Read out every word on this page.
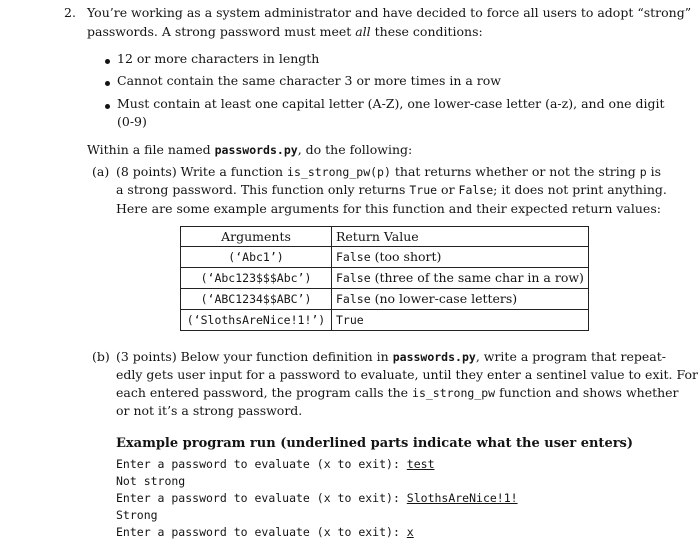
2. You’re working as a system administrator and have decided to force all users to adopt “strong”
passwords. A strong password must meet all these conditions:
12 or more characters in length
Cannot contain the same character 3 or more times in a row
Must contain at least one capital letter (A-Z), one lower-case letter (a-z), and one digit
(0-9)
Within a file named passwords.py, do the following:
(a) (8 points) Write a function is_strong_pw(p) that returns whether or not the string p is
a strong password. This function only returns True or False; it does not print anything.
Here are some example arguments for this function and their expected return values:
Arguments	Return Value
(‘Abc1’)	False (too short)
(‘Abc123$$$Abc’)	False (three of the same char in a row)
(‘ABC1234$$ABC’)	False (no lower-case letters)
(‘SlothsAreNice!1!’)	True
(b) (3 points) Below your function definition in passwords.py, write a program that repeat-
edly gets user input for a password to evaluate, until they enter a sentinel value to exit. For
each entered password, the program calls the is_strong_pw function and shows whether
or not it’s a strong password.
Example program run (underlined parts indicate what the user enters)
Enter a password to evaluate (x to exit): test
Not strong
Enter a password to evaluate (x to exit): SlothsAreNice!1!
Strong
Enter a password to evaluate (x to exit): x
